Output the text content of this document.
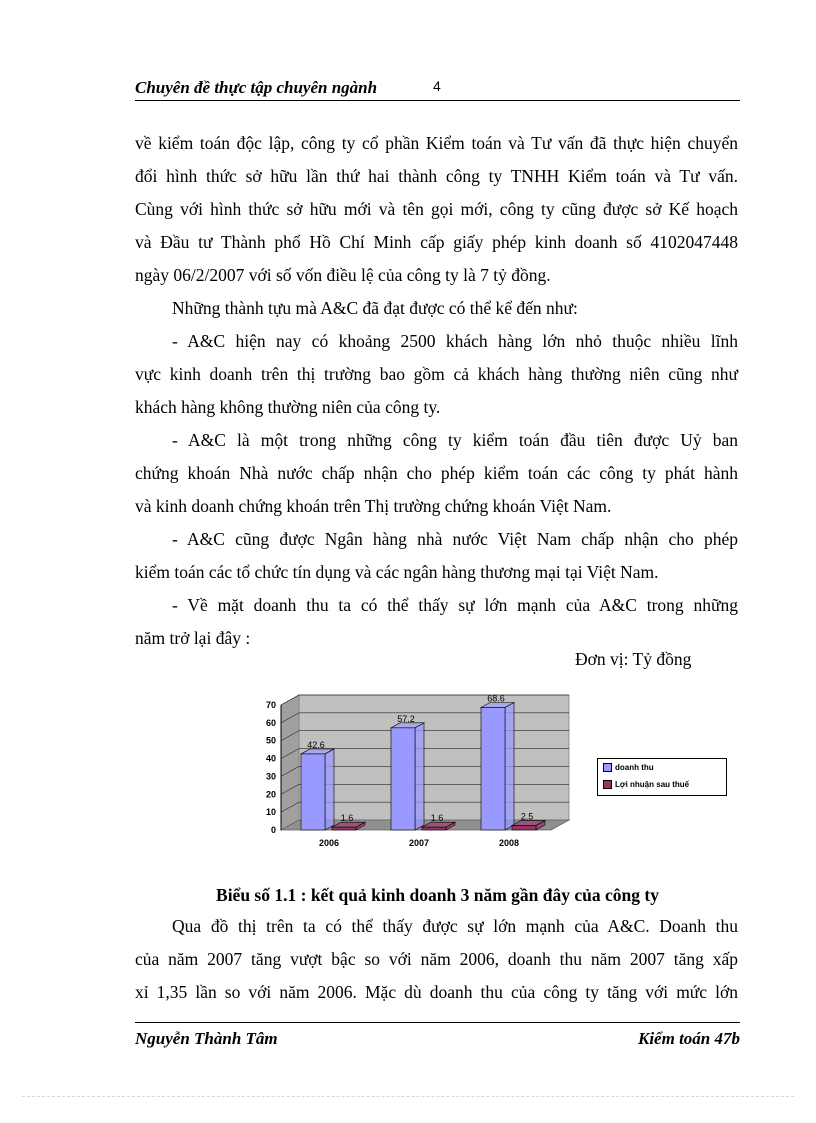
Chuyên đề thực tập chuyên ngành	4
về kiểm toán độc lập, công ty cổ phần Kiểm toán và Tư vấn đã thực hiện chuyển
đổi hình thức sở hữu lần thứ hai thành công ty TNHH Kiểm toán và Tư vấn.
Cùng với hình thức sở hữu mới và tên gọi mới, công ty cũng được sở Kế hoạch
và Đầu tư Thành phố Hồ Chí Minh cấp giấy phép kinh doanh số 4102047448
ngày 06/2/2007 với số vốn điều lệ của công ty là 7 tỷ đồng.
Những thành tựu mà A&C đã đạt được có thể kể đến như:
- A&C hiện nay có khoảng 2500 khách hàng lớn nhỏ thuộc nhiều lĩnh
vực kinh doanh trên thị trường bao gồm cả khách hàng thường niên cũng như
khách hàng không thường niên của công ty.
- A&C là một trong những công ty kiểm toán đầu tiên được Uỷ ban
chứng khoán Nhà nước chấp nhận cho phép kiểm toán các công ty phát hành
và kinh doanh chứng khoán trên Thị trường chứng khoán Việt Nam.
- A&C cũng được Ngân hàng nhà nước Việt Nam chấp nhận cho phép
kiểm toán các tổ chức tín dụng và các ngân hàng thương mại tại Việt Nam.
- Về mặt doanh thu ta có thể thấy sự lớn mạnh của A&C trong những
năm trở lại đây :
Đơn vị: Tỷ đồng
0
10
20
30
40
50
60
70
42.6
1.6
2006
57.2
1.6
2007
68.6
2.5
2008
doanh thu
Lợi nhuận sau thuế
Biểu số 1.1 : kết quả kinh doanh 3 năm gần đây của công ty
Qua đồ thị trên ta có thể thấy được sự lớn mạnh của A&C. Doanh thu
của năm 2007 tăng vượt bậc so với năm 2006, doanh thu năm 2007 tăng xấp
xỉ 1,35 lần so với năm 2006. Mặc dù doanh thu của công ty tăng với mức lớn
Nguyễn Thành Tâm	Kiểm toán 47b
